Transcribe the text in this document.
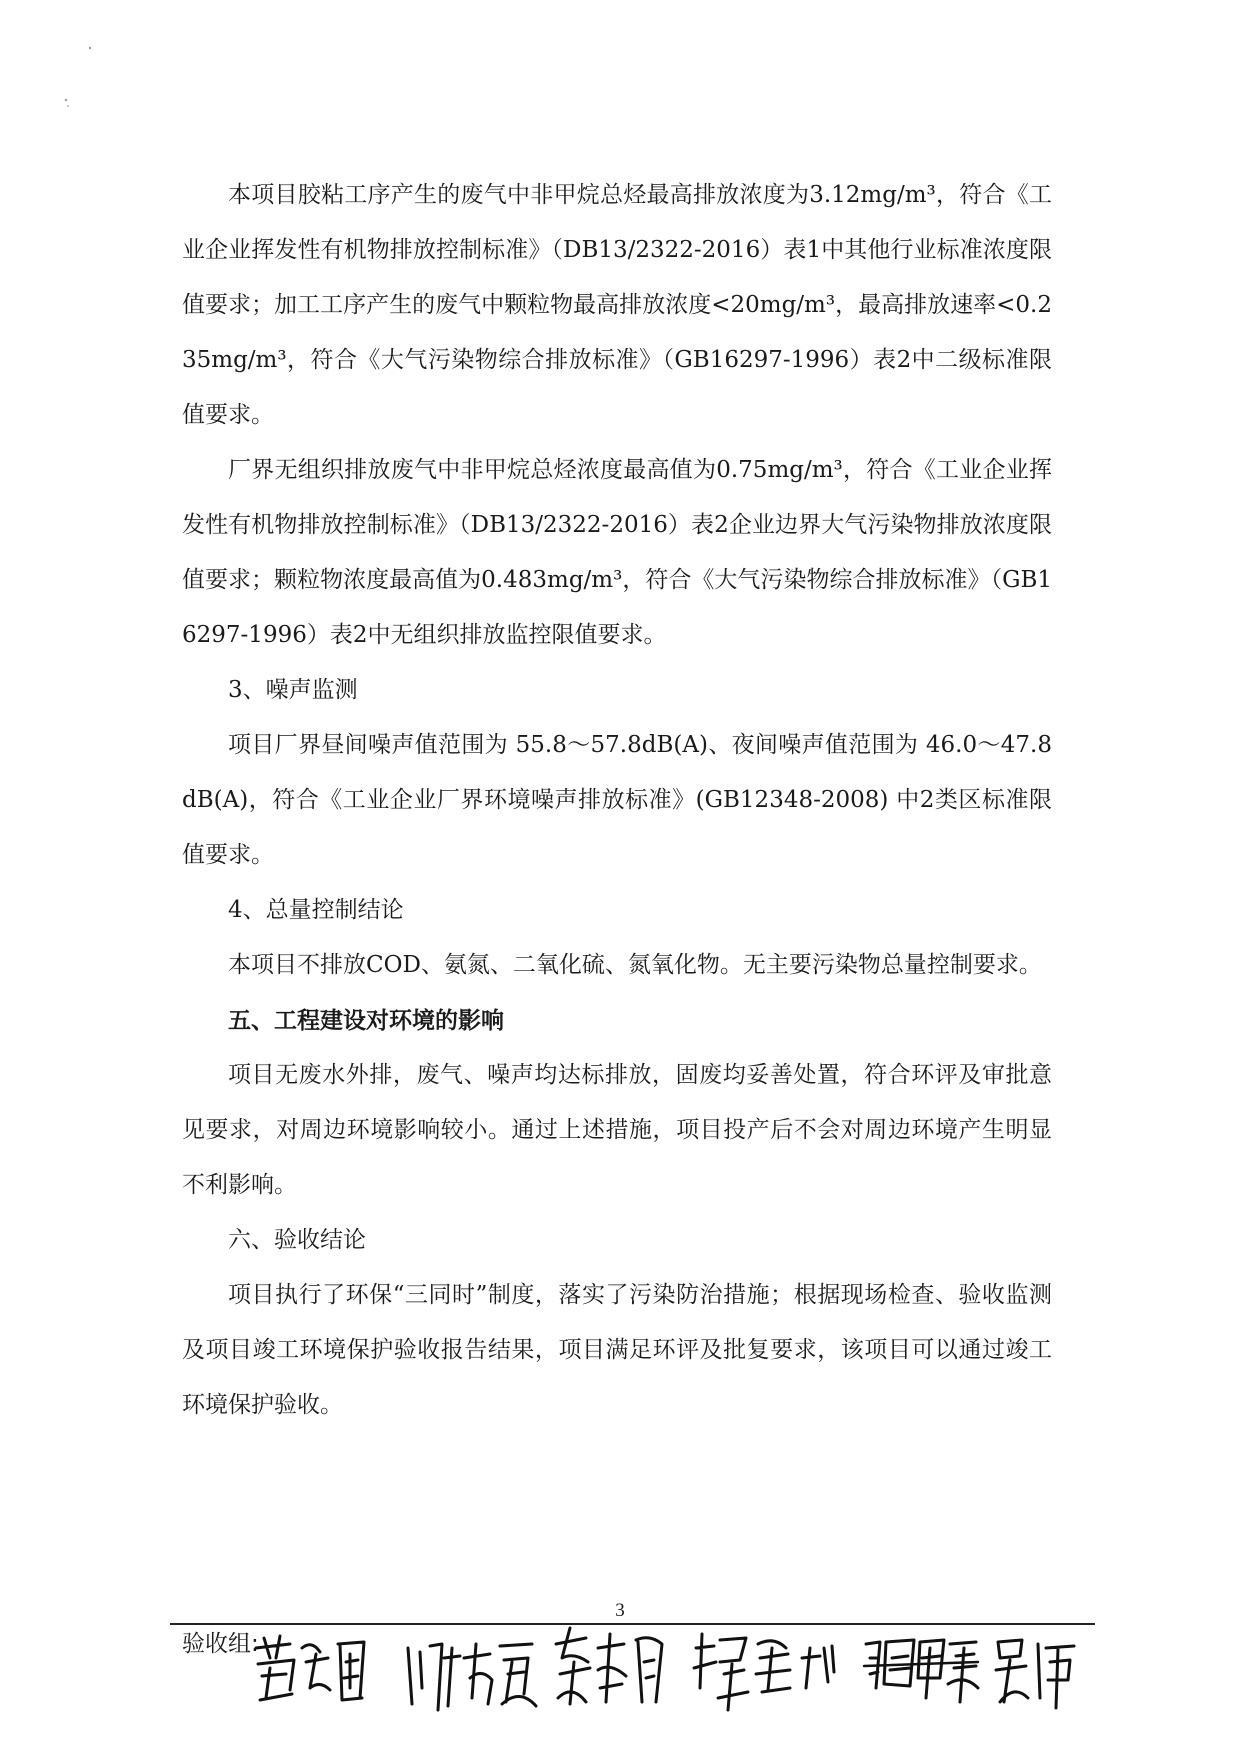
本项目胶粘工序产生的废气中非甲烷总烃最高排放浓度为3.12mg/m³，符合《工业企业挥发性有机物排放控制标准》（DB13/2322-2016）表1中其他行业标准浓度限值要求；加工工序产生的废气中颗粒物最高排放浓度<20mg/m³，最高排放速率<0.235mg/m³，符合《大气污染物综合排放标准》（GB16297-1996）表2中二级标准限值要求。

厂界无组织排放废气中非甲烷总烃浓度最高值为0.75mg/m³，符合《工业企业挥发性有机物排放控制标准》（DB13/2322-2016）表2企业边界大气污染物排放浓度限值要求；颗粒物浓度最高值为0.483mg/m³，符合《大气污染物综合排放标准》（GB16297-1996）表2中无组织排放监控限值要求。

3、噪声监测

项目厂界昼间噪声值范围为 55.8～57.8dB(A)、夜间噪声值范围为 46.0～47.8dB(A)，符合《工业企业厂界环境噪声排放标准》(GB12348-2008) 中2类区标准限值要求。

4、总量控制结论

本项目不排放COD、氨氮、二氧化硫、氮氧化物。无主要污染物总量控制要求。

五、工程建设对环境的影响

项目无废水外排，废气、噪声均达标排放，固废均妥善处置，符合环评及审批意见要求，对周边环境影响较小。通过上述措施，项目投产后不会对周边环境产生明显不利影响。

六、验收结论

项目执行了环保“三同时”制度，落实了污染防治措施；根据现场检查、验收监测及项目竣工环境保护验收报告结果，项目满足环评及批复要求，该项目可以通过竣工环境保护验收。

3
验收组:
